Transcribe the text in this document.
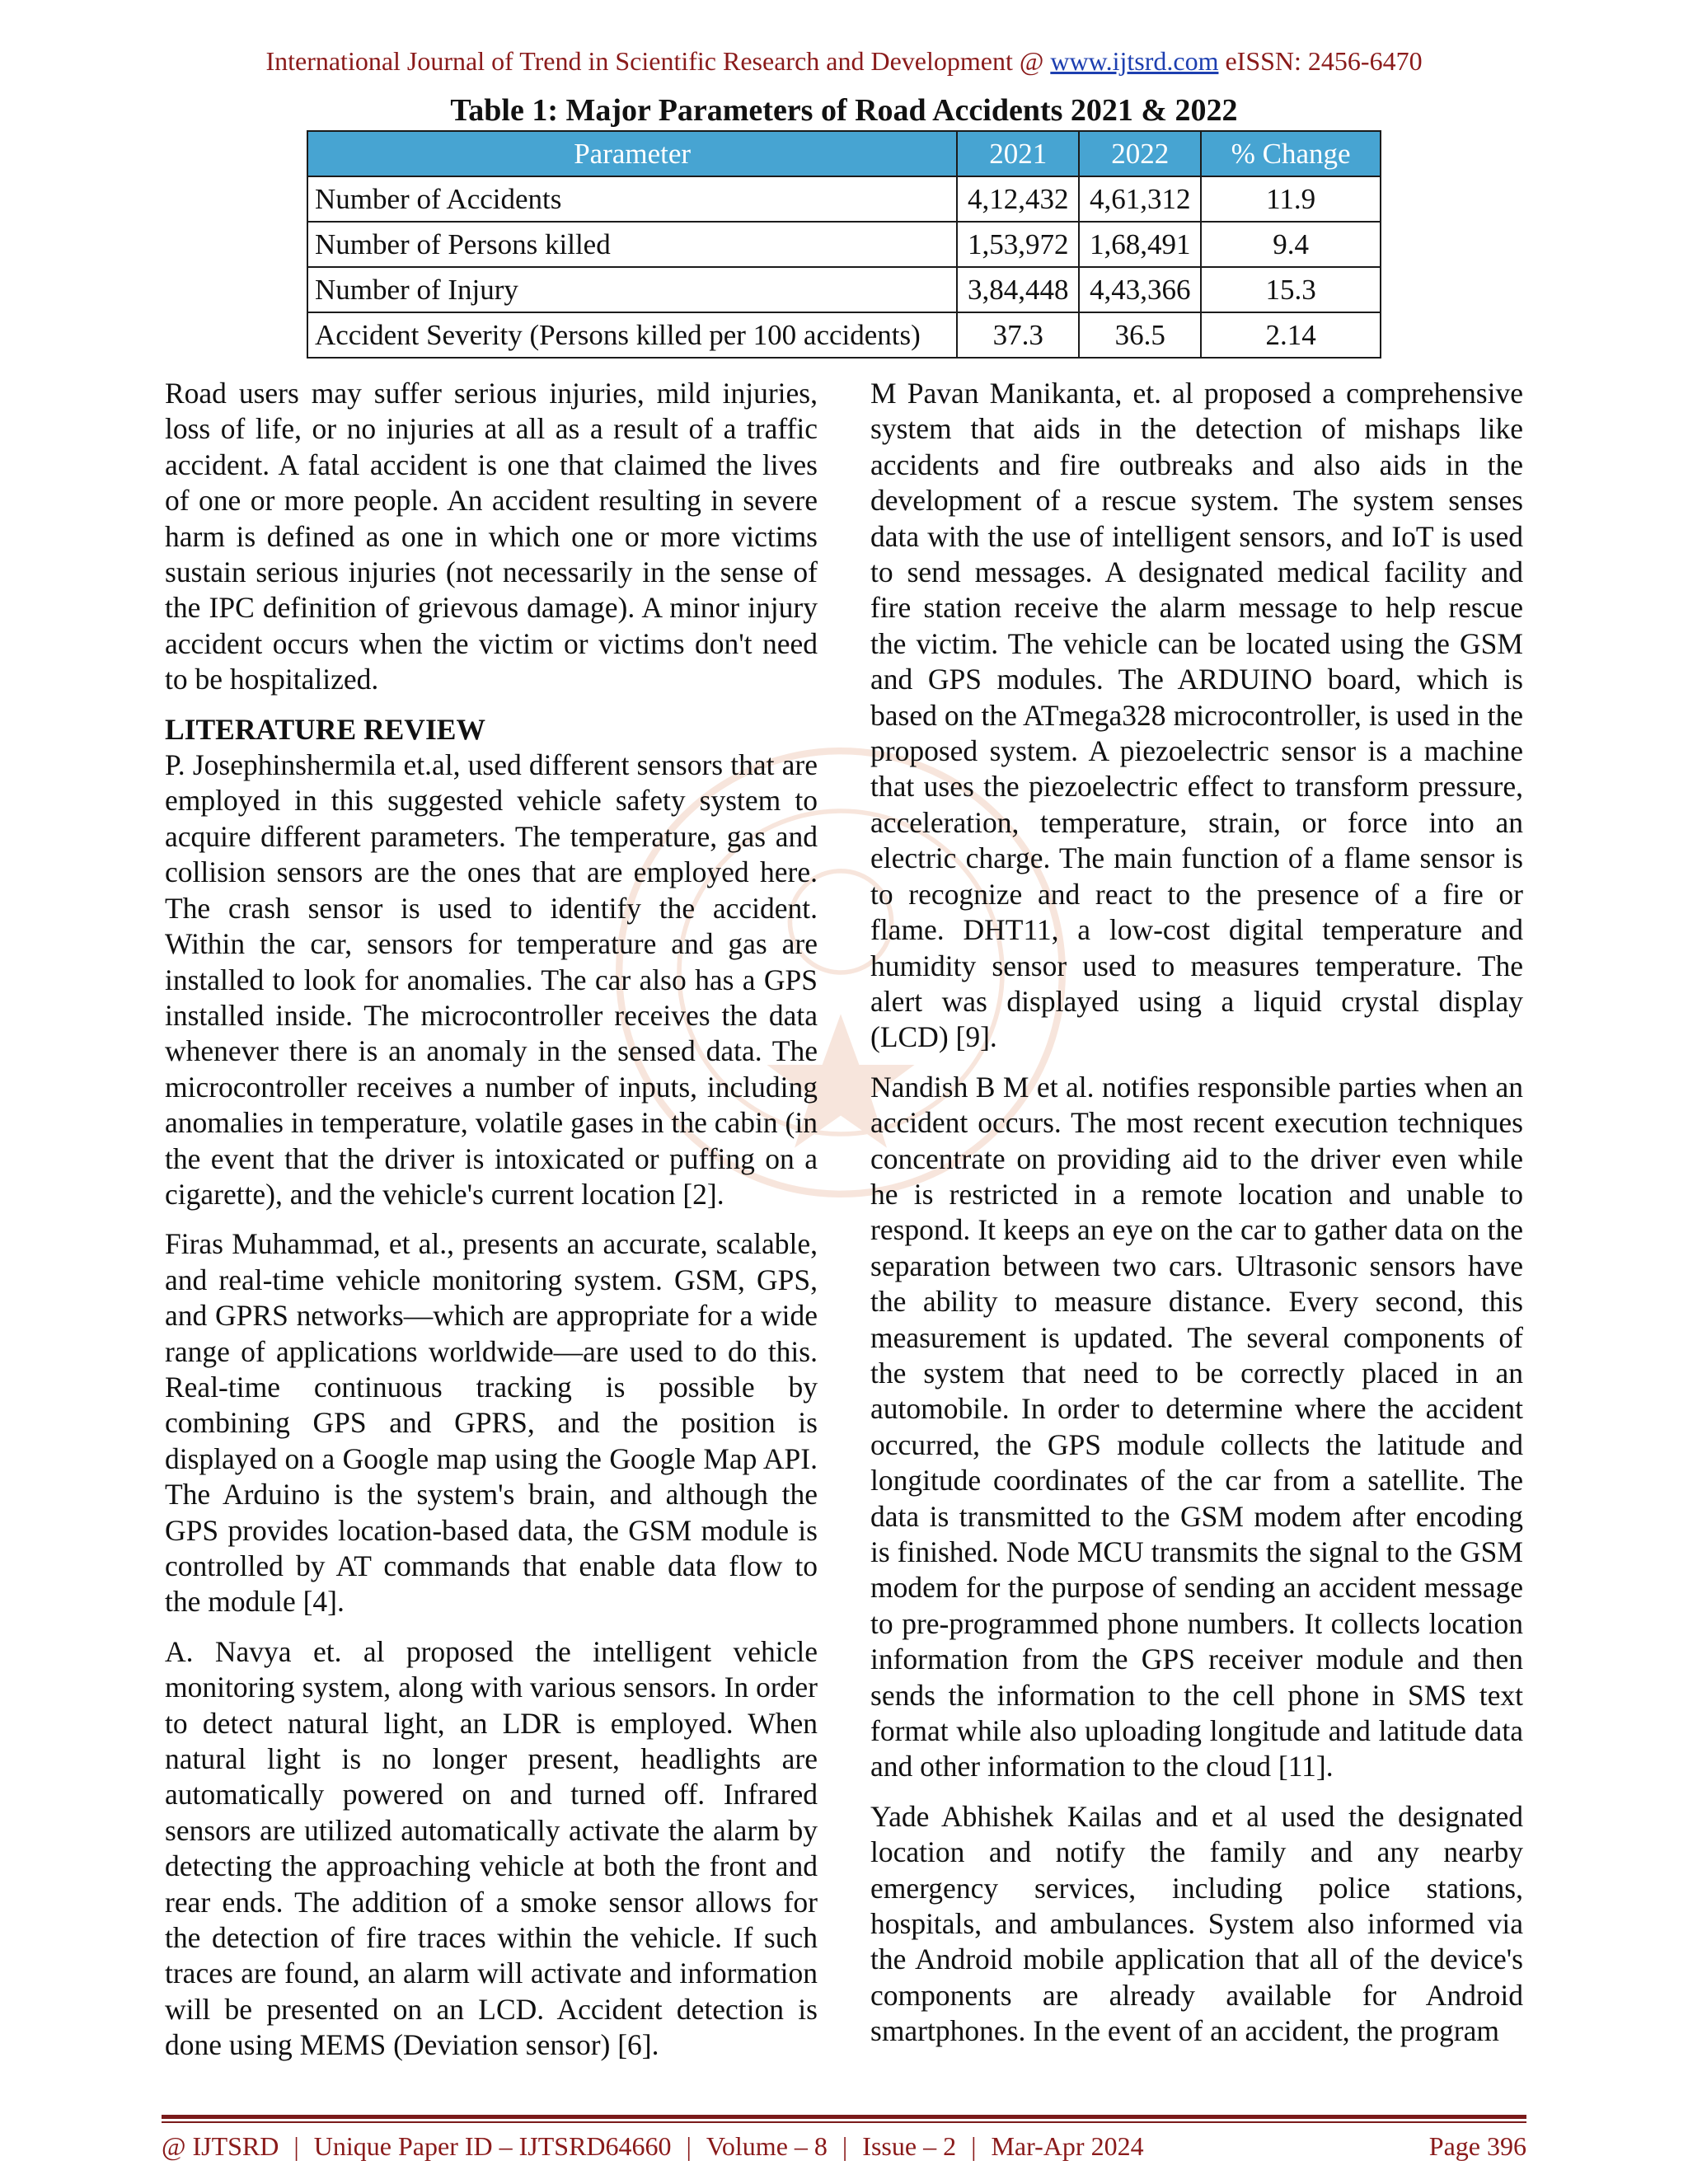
International Journal of Trend in Scientific Research and Development @ www.ijtsrd.com eISSN: 2456-6470
Table 1: Major Parameters of Road Accidents 2021 & 2022
Parameter	2021	2022	% Change
Number of Accidents	4,12,432	4,61,312	11.9
Number of Persons killed	1,53,972	1,68,491	9.4
Number of Injury	3,84,448	4,43,366	15.3
Accident Severity (Persons killed per 100 accidents)	37.3	36.5	2.14

Road users may suffer serious injuries, mild injuries, loss of life, or no injuries at all as a result of a traffic accident. A fatal accident is one that claimed the lives of one or more people. An accident resulting in severe harm is defined as one in which one or more victims sustain serious injuries (not necessarily in the sense of the IPC definition of grievous damage). A minor injury accident occurs when the victim or victims don't need to be hospitalized.

LITERATURE REVIEW

P. Josephinshermila et.al, used different sensors that are employed in this suggested vehicle safety system to acquire different parameters. The temperature, gas and collision sensors are the ones that are employed here. The crash sensor is used to identify the accident. Within the car, sensors for temperature and gas are installed to look for anomalies. The car also has a GPS installed inside. The microcontroller receives the data whenever there is an anomaly in the sensed data. The microcontroller receives a number of inputs, including anomalies in temperature, volatile gases in the cabin (in the event that the driver is intoxicated or puffing on a cigarette), and the vehicle's current location [2].

Firas Muhammad, et al., presents an accurate, scalable, and real-time vehicle monitoring system. GSM, GPS, and GPRS networks—which are appropriate for a wide range of applications worldwide—are used to do this. Real-time continuous tracking is possible by combining GPS and GPRS, and the position is displayed on a Google map using the Google Map API. The Arduino is the system's brain, and although the GPS provides location-based data, the GSM module is controlled by AT commands that enable data flow to the module [4].

A. Navya et. al proposed the intelligent vehicle monitoring system, along with various sensors. In order to detect natural light, an LDR is employed. When natural light is no longer present, headlights are automatically powered on and turned off. Infrared sensors are utilized automatically activate the alarm by detecting the approaching vehicle at both the front and rear ends. The addition of a smoke sensor allows for the detection of fire traces within the vehicle. If such traces are found, an alarm will activate and information will be presented on an LCD. Accident detection is done using MEMS (Deviation sensor) [6].

M Pavan Manikanta, et. al proposed a comprehensive system that aids in the detection of mishaps like accidents and fire outbreaks and also aids in the development of a rescue system. The system senses data with the use of intelligent sensors, and IoT is used to send messages. A designated medical facility and fire station receive the alarm message to help rescue the victim. The vehicle can be located using the GSM and GPS modules. The ARDUINO board, which is based on the ATmega328 microcontroller, is used in the proposed system. A piezoelectric sensor is a machine that uses the piezoelectric effect to transform pressure, acceleration, temperature, strain, or force into an electric charge. The main function of a flame sensor is to recognize and react to the presence of a fire or flame. DHT11, a low-cost digital temperature and humidity sensor used to measures temperature. The alert was displayed using a liquid crystal display (LCD) [9].

Nandish B M et al. notifies responsible parties when an accident occurs. The most recent execution techniques concentrate on providing aid to the driver even while he is restricted in a remote location and unable to respond. It keeps an eye on the car to gather data on the separation between two cars. Ultrasonic sensors have the ability to measure distance. Every second, this measurement is updated. The several components of the system that need to be correctly placed in an automobile. In order to determine where the accident occurred, the GPS module collects the latitude and longitude coordinates of the car from a satellite. The data is transmitted to the GSM modem after encoding is finished. Node MCU transmits the signal to the GSM modem for the purpose of sending an accident message to pre-programmed phone numbers. It collects location information from the GPS receiver module and then sends the information to the cell phone in SMS text format while also uploading longitude and latitude data and other information to the cloud [11].

Yade Abhishek Kailas and et al used the designated location and notify the family and any nearby emergency services, including police stations, hospitals, and ambulances. System also informed via the Android mobile application that all of the device's components are already available for Android smartphones. In the event of an accident, the program

@ IJTSRD | Unique Paper ID – IJTSRD64660 | Volume – 8 | Issue – 2 | Mar-Apr 2024	Page 396
